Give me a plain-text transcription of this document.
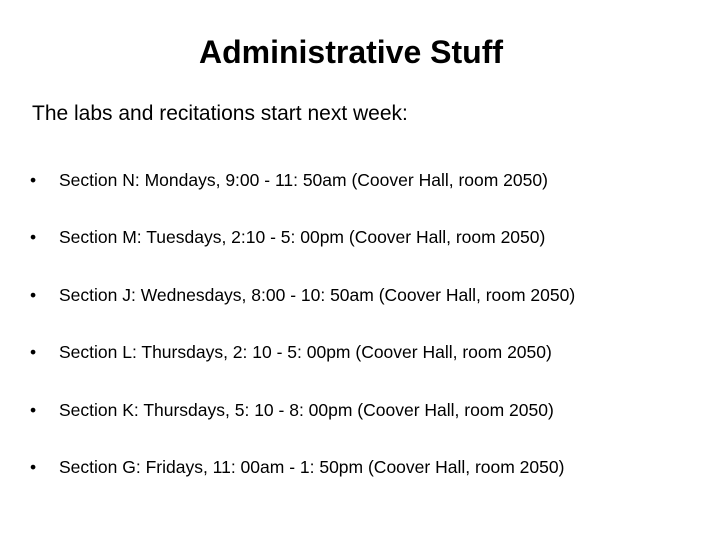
Administrative Stuff

The labs and recitations start next week:

• Section N: Mondays, 9:00 - 11: 50am (Coover Hall, room 2050)
• Section M: Tuesdays, 2:10 - 5: 00pm (Coover Hall, room 2050)
• Section J: Wednesdays, 8:00 - 10: 50am (Coover Hall, room 2050)
• Section L: Thursdays, 2: 10 - 5: 00pm (Coover Hall, room 2050)
• Section K: Thursdays, 5: 10 - 8: 00pm (Coover Hall, room 2050)
• Section G: Fridays, 11: 00am - 1: 50pm (Coover Hall, room 2050)
